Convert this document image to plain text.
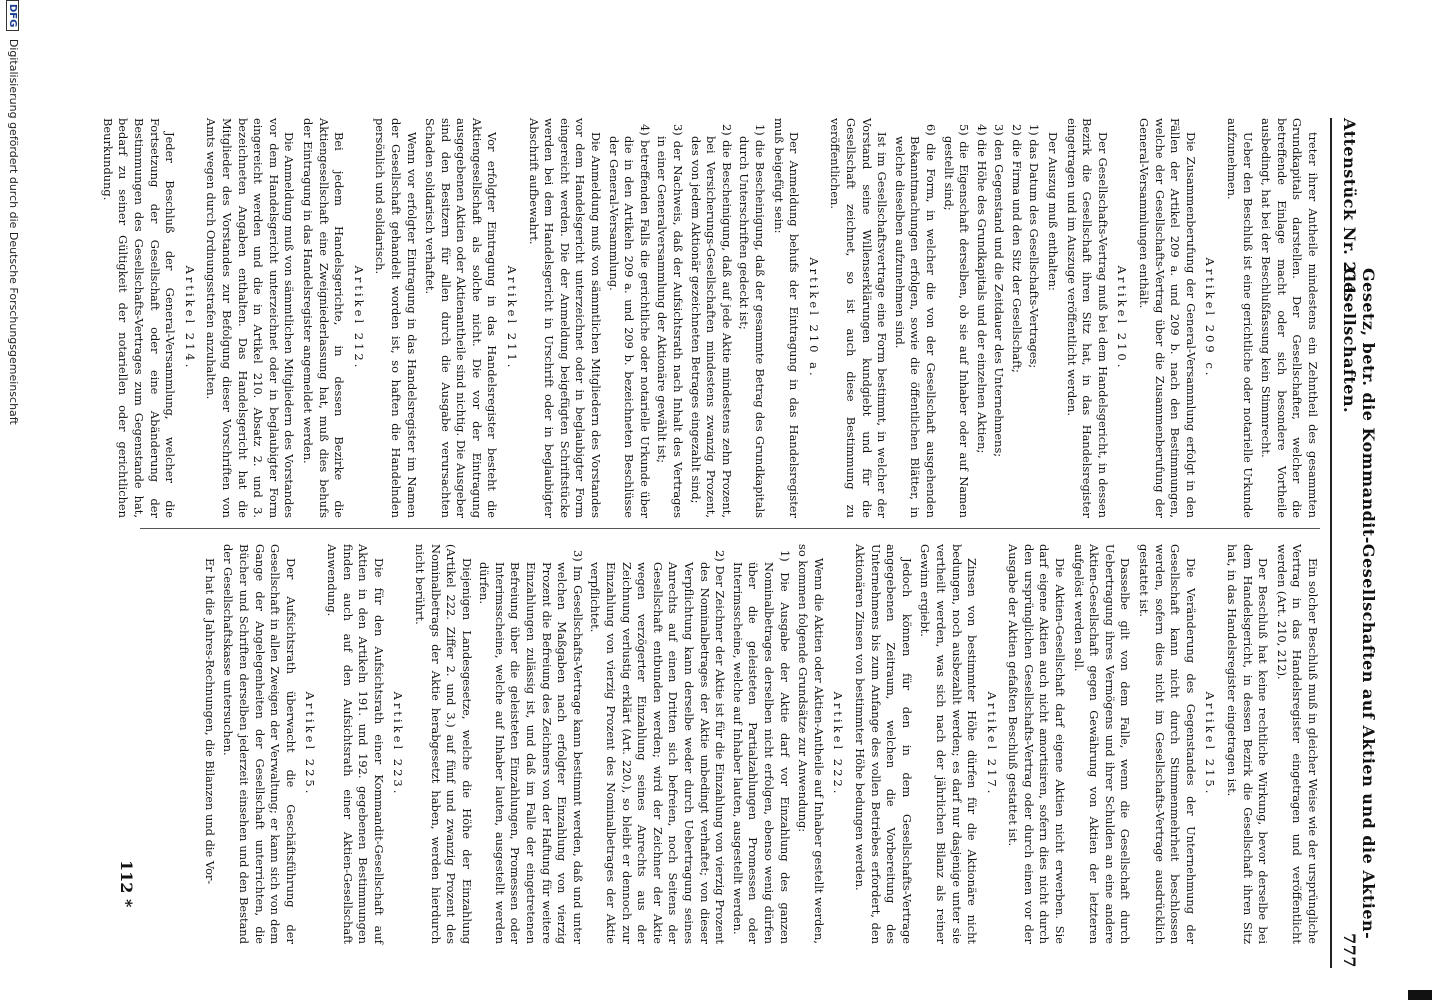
Attenstück Nr. 211.
Gesetz, betr. die Kommandit-Gesellschaften auf Aktien und die Aktien-Gesellschaften.
777

treter ihrer Antheile mindestens ein Zehntheil des gesammten Grundkapitals darstellen. Der Gesellschafter, welcher die betreffende Einlage macht oder sich besondere Vortheile ausbedingt, hat bei der Beschlußfassung kein Stimmrecht.

Ueber den Beschluß ist eine gerichtliche oder notarielle Urkunde aufzunehmen.

Artikel 209 c.

Die Zusammenberufung der General-Versammlung erfolgt in den Fällen der Artikel 209 a. und 209 b. nach den Bestimmungen, welche der Gesellschafts-Vertrag über die Zusammenberufung der General-Versammlungen enthält.

Artikel 210.

Der Gesellschafts-Vertrag muß bei dem Handelsgericht, in dessen Bezirk die Gesellschaft ihren Sitz hat, in das Handelsregister eingetragen und im Auszuge veröffentlicht werden.

Der Auszug muß enthalten:

1) das Datum des Gesellschafts-Vertrages;

2) die Firma und den Sitz der Gesellschaft;

3) den Gegenstand und die Zeitdauer des Unternehmens;

4) die Höhe des Grundkapitals und der einzelnen Aktien;

5) die Eigenschaft derselben, ob sie auf Inhaber oder auf Namen gestellt sind;

6) die Form, in welcher die von der Gesellschaft ausgehenden Bekanntmachungen erfolgen, sowie die öffentlichen Blätter, in welche dieselben aufzunehmen sind.

Ist im Gesellschaftsvertrage eine Form bestimmt, in welcher der Vorstand seine Willenserklärungen kundgiebt und für die Gesellschaft zeichnet, so ist auch diese Bestimmung zu veröffentlichen.

Artikel 210 a.

Der Anmeldung behufs der Eintragung in das Handelsregister muß beigefügt sein:

1) die Bescheinigung, daß der gesammte Betrag des Grundkapitals durch Unterschriften gedeckt ist;

2) die Bescheinigung, daß auf jede Aktie mindestens zehn Prozent, bei Versicherungs-Gesellschaften mindestens zwanzig Prozent, des von jedem Aktionär gezeichneten Betrages eingezahlt sind;

3) der Nachweis, daß der Aufsichtsrath nach Inhalt des Vertrages in einer Generalversammlung der Aktionäre gewählt ist;

4) betreffenden Falls die gerichtliche oder notarielle Urkunde über die in den Artikeln 209 a. und 209 b. bezeichneten Beschlüsse der General-Versammlung.

Die Anmeldung muß von sämmtlichen Mitgliedern des Vorstandes vor dem Handelsgericht unterzeichnet oder in beglaubigter Form eingereicht werden. Die der Anmeldung beigefügten Schriftstücke werden bei dem Handelsgericht in Urschrift oder in beglaubigter Abschrift aufbewahrt.

Artikel 211.

Vor erfolgter Eintragung in das Handelsregister besteht die Aktiengesellschaft als solche nicht. Die vor der Eintragung ausgegebenen Aktien oder Aktienantheile sind nichtig. Die Ausgeber sind den Besitzern für allen durch die Ausgabe verursachten Schaden solidarisch verhaftet.

Wenn vor erfolgter Eintragung in das Handelsregister im Namen der Gesellschaft gehandelt worden ist, so haften die Handelnden persönlich und solidarisch.

Artikel 212.

Bei jedem Handelsgerichte, in dessen Bezirke die Aktiengesellschaft eine Zweigniederlassung hat, muß dies behufs der Eintragung in das Handelsregister angemeldet werden.

Die Anmeldung muß von sämmtlichen Mitgliedern des Vorstandes vor dem Handelsgericht unterzeichnet oder in beglaubigter Form eingereicht werden und die in Artikel 210. Absatz 2. und 3. bezeichneten Angaben enthalten. Das Handelsgericht hat die Mitglieder des Vorstandes zur Befolgung dieser Vorschriften von Amts wegen durch Ordnungsstrafen anzuhalten.

Artikel 214.

Jeder Beschluß der General-Versammlung, welcher die Fortsetzung der Gesellschaft oder eine Abänderung der Bestimmungen des Gesellschafts-Vertrages zum Gegenstande hat, bedarf zu seiner Gültigkeit der notariellen oder gerichtlichen Beurkundung.

Ein solcher Beschluß muß in gleicher Weise wie der ursprüngliche Vertrag in das Handelsregister eingetragen und veröffentlicht werden (Art. 210, 212).

Der Beschluß hat keine rechtliche Wirkung, bevor derselbe bei dem Handelsgericht, in dessen Bezirk die Gesellschaft ihren Sitz hat, in das Handelsregister eingetragen ist.

Artikel 215.

Die Veränderung des Gegenstandes der Unternehmung der Gesellschaft kann nicht durch Stimmenmehrheit beschlossen werden, sofern dies nicht im Gesellschafts-Vertrage ausdrücklich gestattet ist.

Dasselbe gilt von dem Falle, wenn die Gesellschaft durch Uebertragung ihres Vermögens und ihrer Schulden an eine andere Aktien-Gesellschaft gegen Gewährung von Aktien der letzteren aufgelöst werden soll.

Die Aktien-Gesellschaft darf eigene Aktien nicht erwerben. Sie darf eigene Aktien auch nicht amortisiren, sofern dies nicht durch den ursprünglichen Gesellschafts-Vertrag oder durch einen vor der Ausgabe der Aktien gefaßten Beschluß gestattet ist.

Artikel 217.

Zinsen von bestimmter Höhe dürfen für die Aktionäre nicht bedungen, noch ausbezahlt werden; es darf nur dasjenige unter sie vertheilt werden, was sich nach der jährlichen Bilanz als reiner Gewinn ergiebt.

Jedoch können für den in dem Gesellschafts-Vertrage angegebenen Zeitraum, welchen die Vorbereitung des Unternehmens bis zum Anfange des vollen Betriebes erfordert, den Aktionären Zinsen von bestimmter Höhe bedungen werden.

Artikel 222.

Wenn die Aktien oder Aktien-Antheile auf Inhaber gestellt werden, so kommen folgende Grundsätze zur Anwendung:

1) Die Ausgabe der Aktie darf vor Einzahlung des ganzen Nominalbetrages derselben nicht erfolgen, ebenso wenig dürfen über die geleisteten Partialzahlungen Promessen oder Interimsscheine, welche auf Inhaber lauten, ausgestellt werden.

2) Der Zeichner der Aktie ist für die Einzahlung von vierzig Prozent des Nominalbetrages der Aktie unbedingt verhaftet; von dieser Verpflichtung kann derselbe weder durch Uebertragung seines Anrechts auf einen Dritten sich befreien, noch Seitens der Gesellschaft entbunden werden; wird der Zeichner der Aktie wegen verzögerter Einzahlung seines Anrechts aus der Zeichnung verlustig erklärt (Art. 220.), so bleibt er dennoch zur Einzahlung von vierzig Prozent des Nominalbetrages der Aktie verpflichtet.

3) Im Gesellschafts-Vertrage kann bestimmt werden, daß und unter welchen Maßgaben nach erfolgter Einzahlung von vierzig Prozent die Befreiung des Zeichners von der Haftung für weitere Einzahlungen zulässig ist, und daß im Falle der eingetretenen Befreiung über die geleisteten Einzahlungen, Promessen oder Interimsscheine, welche auf Inhaber lauten, ausgestellt werden dürfen.

Diejenigen Landesgesetze, welche die Höhe der Einzahlung (Artikel 222. Ziffer 2. und 3.) auf fünf und zwanzig Prozent des Nominalbetrags der Aktie herabgesetzt haben, werden hierdurch nicht berührt.

Artikel 223.

Die für den Aufsichtsrath einer Kommandit-Gesellschaft auf Aktien in den Artikeln 191. und 192. gegebenen Bestimmungen finden auch auf den Aufsichtsrath einer Aktien-Gesellschaft Anwendung.

Artikel 225.

Der Aufsichtsrath überwacht die Geschäftsführung der Gesellschaft in allen Zweigen der Verwaltung; er kann sich von dem Gange der Angelegenheiten der Gesellschaft unterrichten, die Bücher und Schriften derselben jederzeit einsehen und den Bestand der Gesellschaftskasse untersuchen.

Er hat die Jahres-Rechnungen, die Bilanzen und die Vor-

112 *
DFG Digitalisierung gefördert durch die Deutsche Forschungsgemeinschaft
